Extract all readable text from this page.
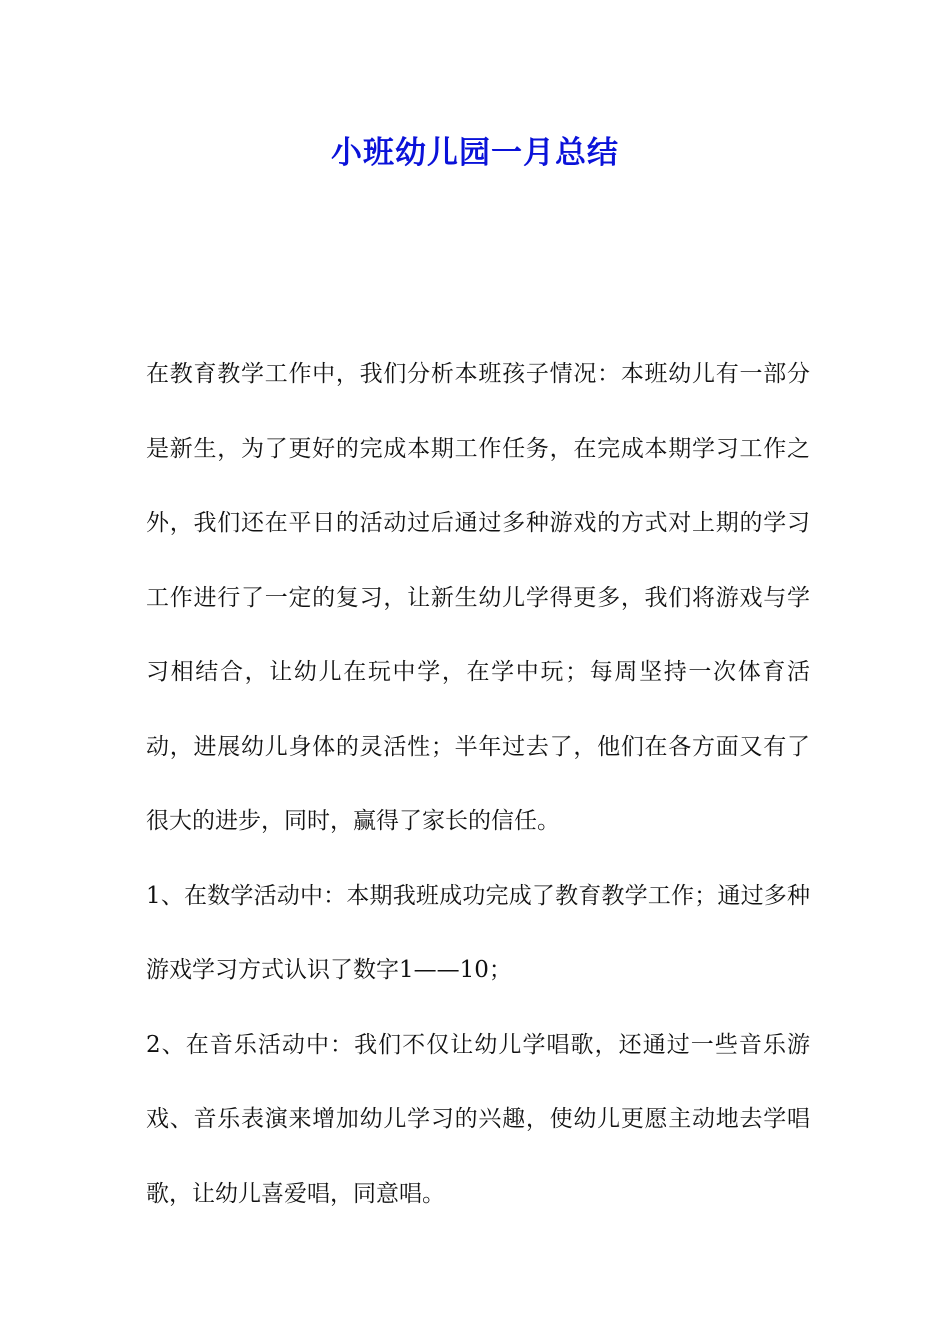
小班幼儿园一月总结

在教育教学工作中，我们分析本班孩子情况：本班幼儿有一部分是新生，为了更好的完成本期工作任务，在完成本期学习工作之外，我们还在平日的活动过后通过多种游戏的方式对上期的学习工作进行了一定的复习，让新生幼儿学得更多，我们将游戏与学习相结合，让幼儿在玩中学，在学中玩；每周坚持一次体育活动，进展幼儿身体的灵活性；半年过去了，他们在各方面又有了很大的进步，同时，赢得了家长的信任。

1、在数学活动中：本期我班成功完成了教育教学工作；通过多种游戏学习方式认识了数字1——10；

2、在音乐活动中：我们不仅让幼儿学唱歌，还通过一些音乐游戏、音乐表演来增加幼儿学习的兴趣，使幼儿更愿主动地去学唱歌，让幼儿喜爱唱，同意唱。
